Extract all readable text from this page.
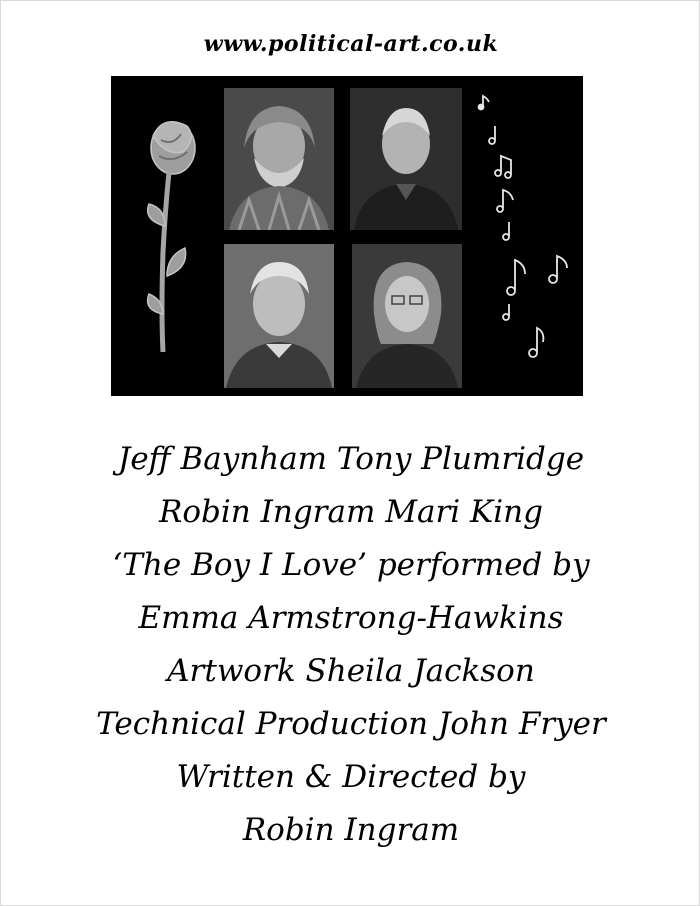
www.political-art.co.uk
Jeff Baynham Tony Plumridge
Robin Ingram Mari King
‘The Boy I Love’ performed by
Emma Armstrong-Hawkins
Artwork Sheila Jackson
Technical Production John Fryer
Written & Directed by
Robin Ingram
